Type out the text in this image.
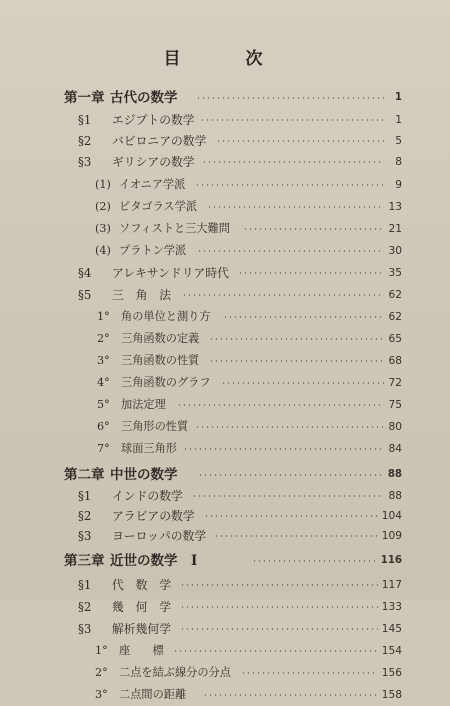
目　次
第一章 古代の数学	1
§1 エジプトの数学	1
§2 バビロニアの数学	5
§3 ギリシアの数学	8
(1) イオニア学派	9
(2) ピタゴラス学派	13
(3) ソフィストと三大難問	21
(4) プラトン学派	30
§4 アレキサンドリア時代	35
§5 三　角　法	62
1° 角の単位と測り方	62
2° 三角函数の定義	65
3° 三角函数の性質	68
4° 三角函数のグラフ	72
5° 加法定理	75
6° 三角形の性質	80
7° 球面三角形	84
第二章 中世の数学	88
§1 インドの数学	88
§2 アラビアの数学	104
§3 ヨーロッパの数学	109
第三章 近世の数学　I	116
§1 代　数　学	117
§2 幾　何　学	133
§3 解析幾何学	145
1° 座　　標	154
2° 二点を結ぶ線分の分点	156
3° 二点間の距離	158
